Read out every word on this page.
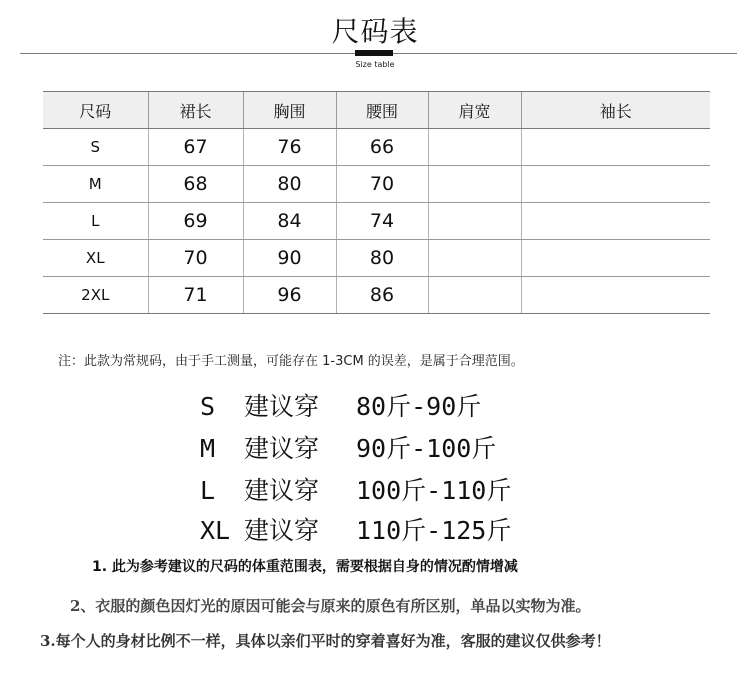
尺码表
Size table
尺码	裙长	胸围	腰围	肩宽	袖长
S	67	76	66		
M	68	80	70		
L	69	84	74		
XL	70	90	80		
2XL	71	96	86		
注：此款为常规码，由于手工测量，可能存在 1-3CM 的误差，是属于合理范围。
S 建议穿 80斤-90斤
M 建议穿 90斤-100斤
L 建议穿 100斤-110斤
XL 建议穿 110斤-125斤
1. 此为参考建议的尺码的体重范围表，需要根据自身的情况酌情增减
2、衣服的颜色因灯光的原因可能会与原来的原色有所区别，单品以实物为准。
3.每个人的身材比例不一样，具体以亲们平时的穿着喜好为准，客服的建议仅供参考！
